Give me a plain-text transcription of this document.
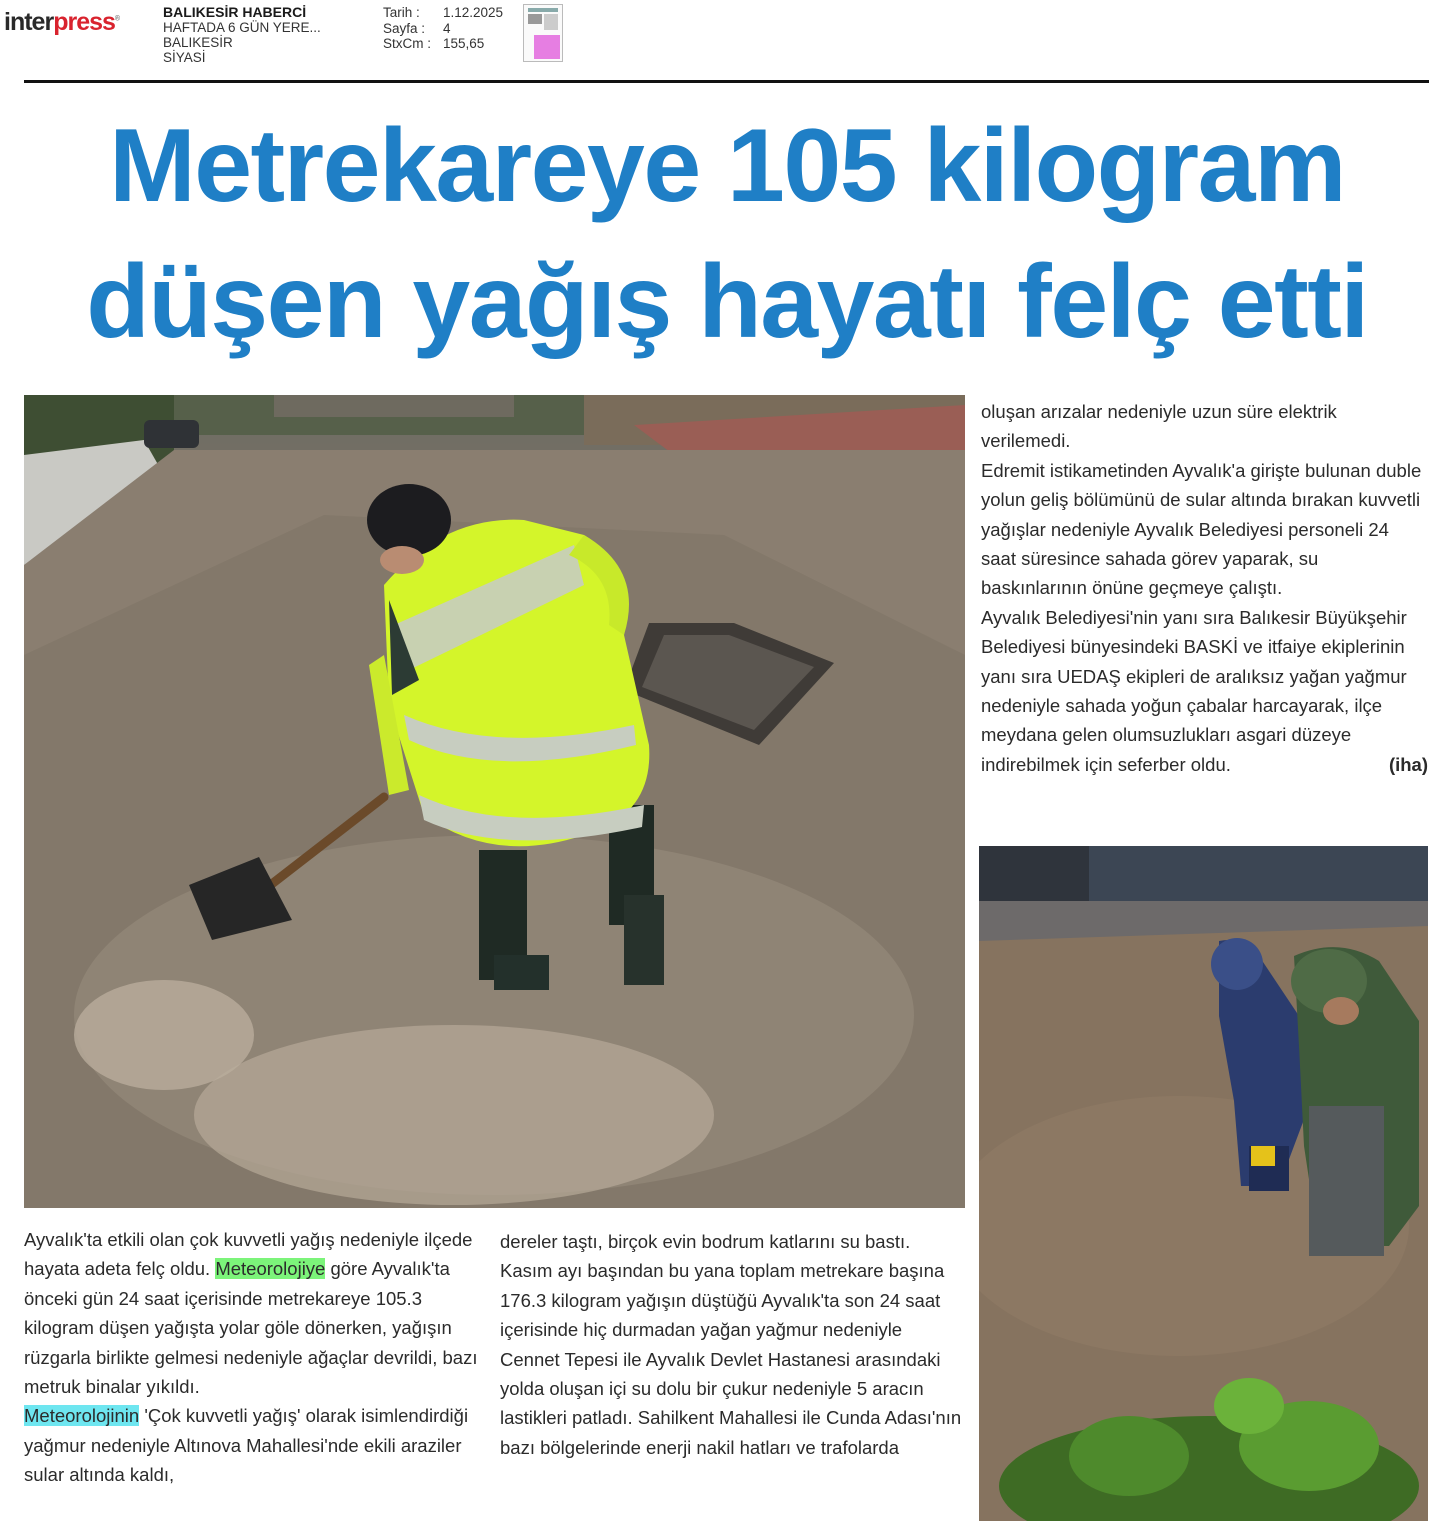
interpress®	BALIKESİR HABERCİ
HAFTADA 6 GÜN YERE...
BALIKESİR
SİYASİ
Tarih :	1.12.2025
Sayfa :	4
StxCm : 155,65
Metrekareye 105 kilogram
düşen yağış hayatı felç etti

oluşan arızalar nedeniyle uzun süre elektrik verilemedi.

Edremit istikametinden Ayvalık'a girişte bulunan duble yolun geliş bölümünü de sular altında bırakan kuvvetli yağışlar nedeniyle Ayvalık Belediyesi personeli 24 saat süresince sahada görev yaparak, su baskınlarının önüne geçmeye çalıştı.

Ayvalık Belediyesi'nin yanı sıra Balıkesir Büyükşehir Belediyesi bünyesindeki BASKİ ve itfaiye ekiplerinin yanı sıra UEDAŞ ekipleri de aralıksız yağan yağmur nedeniyle sahada yoğun çabalar harcayarak, ilçe meydana gelen olumsuzlukları asgari düzeye indirebilmek için seferber oldu.	(iha)

Ayvalık'ta etkili olan çok kuvvetli yağış nedeniyle ilçede hayata adeta felç oldu. Meteorolojiye göre Ayvalık'ta önceki gün 24 saat içerisinde metrekareye 105.3 kilogram düşen yağışta yolar göle dönerken, yağışın rüzgarla birlikte gelmesi nedeniyle ağaçlar devrildi, bazı metruk binalar yıkıldı.

Meteorolojinin 'Çok kuvvetli yağış' olarak isimlendirdiği yağmur nedeniyle Altınova Mahallesi'nde ekili araziler sular altında kaldı,

dereler taştı, birçok evin bodrum katlarını su bastı.

Kasım ayı başından bu yana toplam metrekare başına 176.3 kilogram yağışın düştüğü Ayvalık'ta son 24 saat içerisinde hiç durmadan yağan yağmur nedeniyle Cennet Tepesi ile Ayvalık Devlet Hastanesi arasındaki yolda oluşan içi su dolu bir çukur nedeniyle 5 aracın lastikleri patladı. Sahilkent Mahallesi ile Cunda Adası'nın bazı bölgelerinde enerji nakil hatları ve trafolarda
